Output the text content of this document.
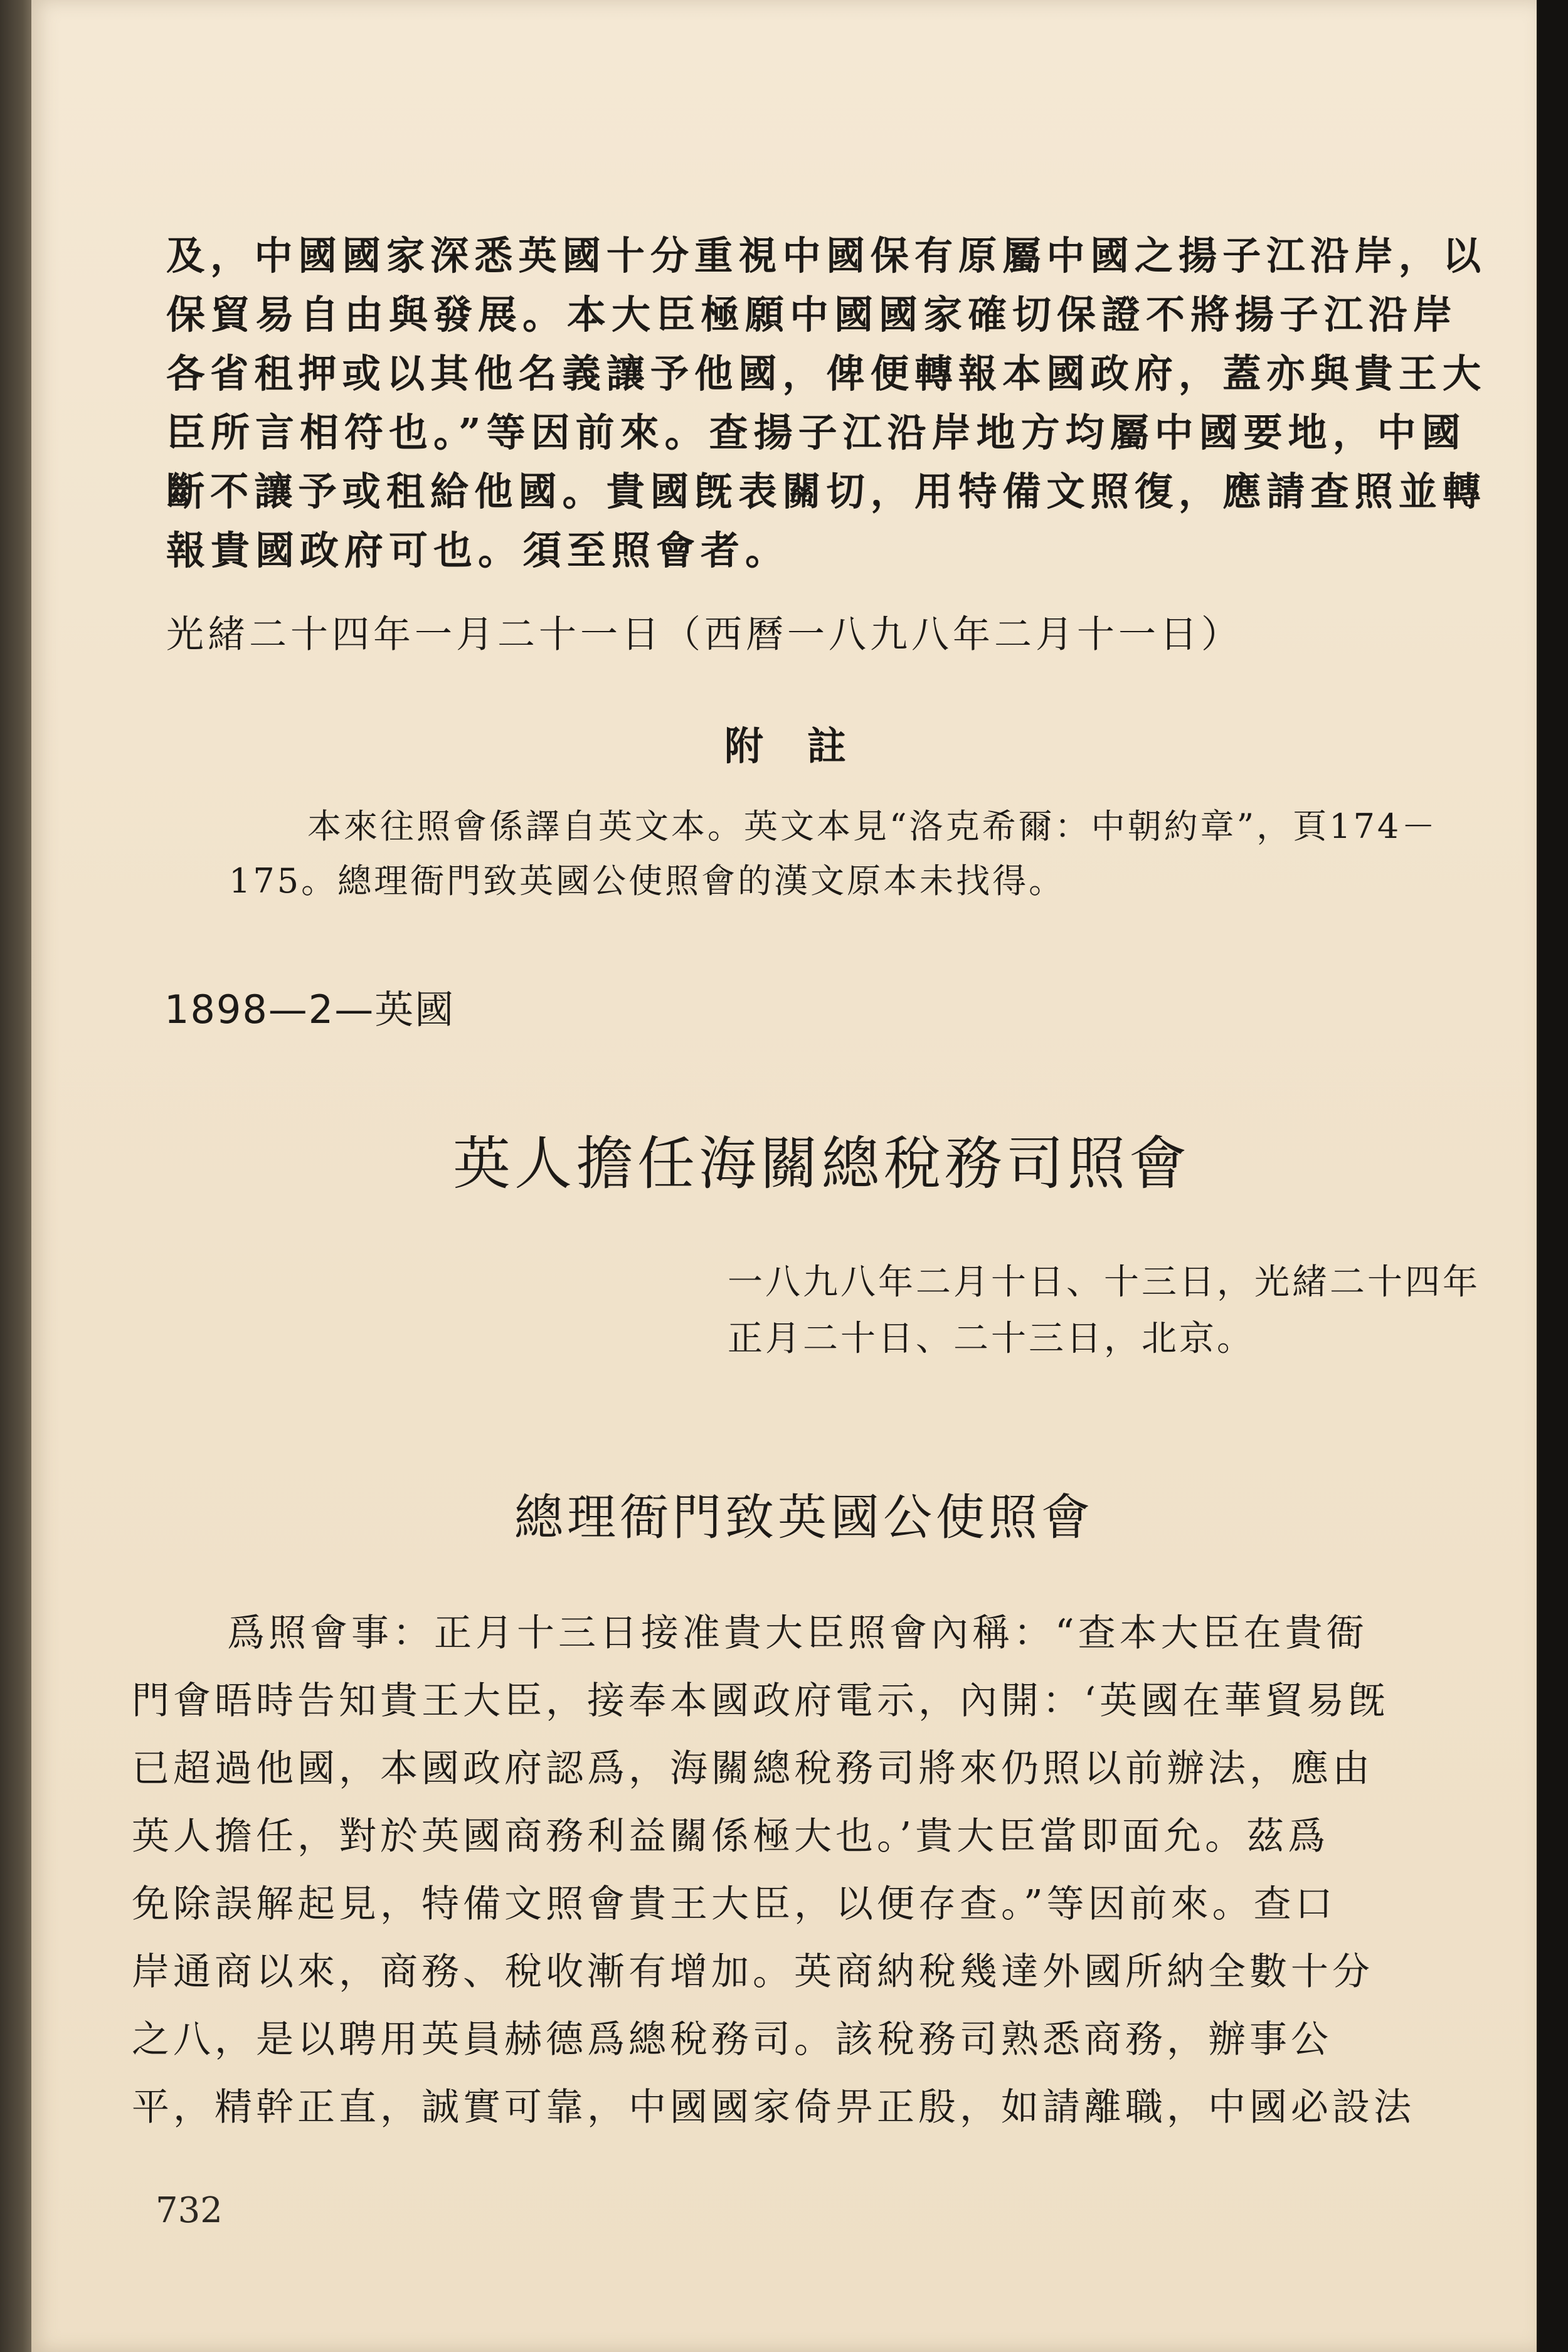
及，中國國家深悉英國十分重視中國保有原屬中國之揚子江沿岸，以
保貿易自由與發展。本大臣極願中國國家確切保證不將揚子江沿岸
各省租押或以其他名義讓予他國，俾便轉報本國政府，蓋亦與貴王大
臣所言相符也。”等因前來。查揚子江沿岸地方均屬中國要地，中國
斷不讓予或租給他國。貴國旣表關切，用特備文照復，應請查照並轉
報貴國政府可也。須至照會者。
光緒二十四年一月二十一日（西曆一八九八年二月十一日）
附註
本來往照會係譯自英文本。英文本見“洛克希爾：中朝約章”，頁174－
175。總理衙門致英國公使照會的漢文原本未找得。
1898—2—英國
英人擔任海關總稅務司照會
一八九八年二月十日、十三日，光緒二十四年
正月二十日、二十三日，北京。
總理衙門致英國公使照會
爲照會事：正月十三日接准貴大臣照會內稱：“查本大臣在貴衙
門會晤時告知貴王大臣，接奉本國政府電示，內開：‘英國在華貿易旣
已超過他國，本國政府認爲，海關總稅務司將來仍照以前辦法，應由
英人擔任，對於英國商務利益關係極大也。’貴大臣當即面允。茲爲
免除誤解起見，特備文照會貴王大臣，以便存查。”等因前來。查口
岸通商以來，商務、稅收漸有增加。英商納稅幾達外國所納全數十分
之八，是以聘用英員赫德爲總稅務司。該稅務司熟悉商務，辦事公
平，精幹正直，誠實可靠，中國國家倚畀正殷，如請離職，中國必設法
732
